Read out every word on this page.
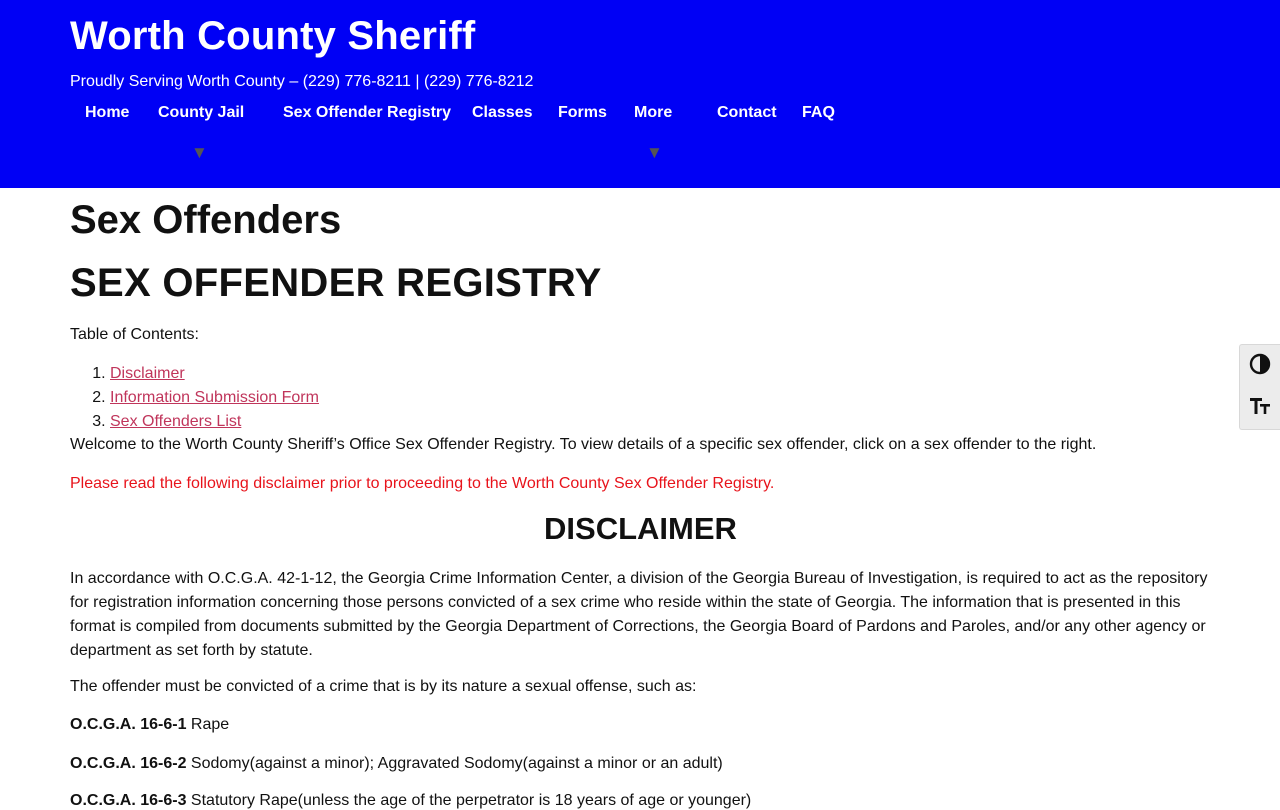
Worth County Sheriff
Proudly Serving Worth County – (229) 776-8211 | (229) 776-8212
Home County Jail
▼
Sex Offender Registry Classes Forms More
▼
Contact FAQ
Sex Offenders
SEX OFFENDER REGISTRY
Table of Contents:
1. Disclaimer
2. Information Submission Form
3. Sex Offenders List
Welcome to the Worth County Sheriff’s Office Sex Offender Registry. To view details of a specific sex offender, click on a sex offender to the right.
Please read the following disclaimer prior to proceeding to the Worth County Sex Offender Registry.
DISCLAIMER

In accordance with O.C.G.A. 42-1-12, the Georgia Crime Information Center, a division of the Georgia Bureau of Investigation, is required to act as the repository for registration information concerning those persons convicted of a sex crime who reside within the state of Georgia. The information that is presented in this format is compiled from documents submitted by the Georgia Department of Corrections, the Georgia Board of Pardons and Paroles, and/or any other agency or department as set forth by statute.

The offender must be convicted of a crime that is by its nature a sexual offense, such as:
O.C.G.A. 16-6-1 Rape
O.C.G.A. 16-6-2 Sodomy(against a minor); Aggravated Sodomy(against a minor or an adult)
O.C.G.A. 16-6-3 Statutory Rape(unless the age of the perpetrator is 18 years of age or younger)
